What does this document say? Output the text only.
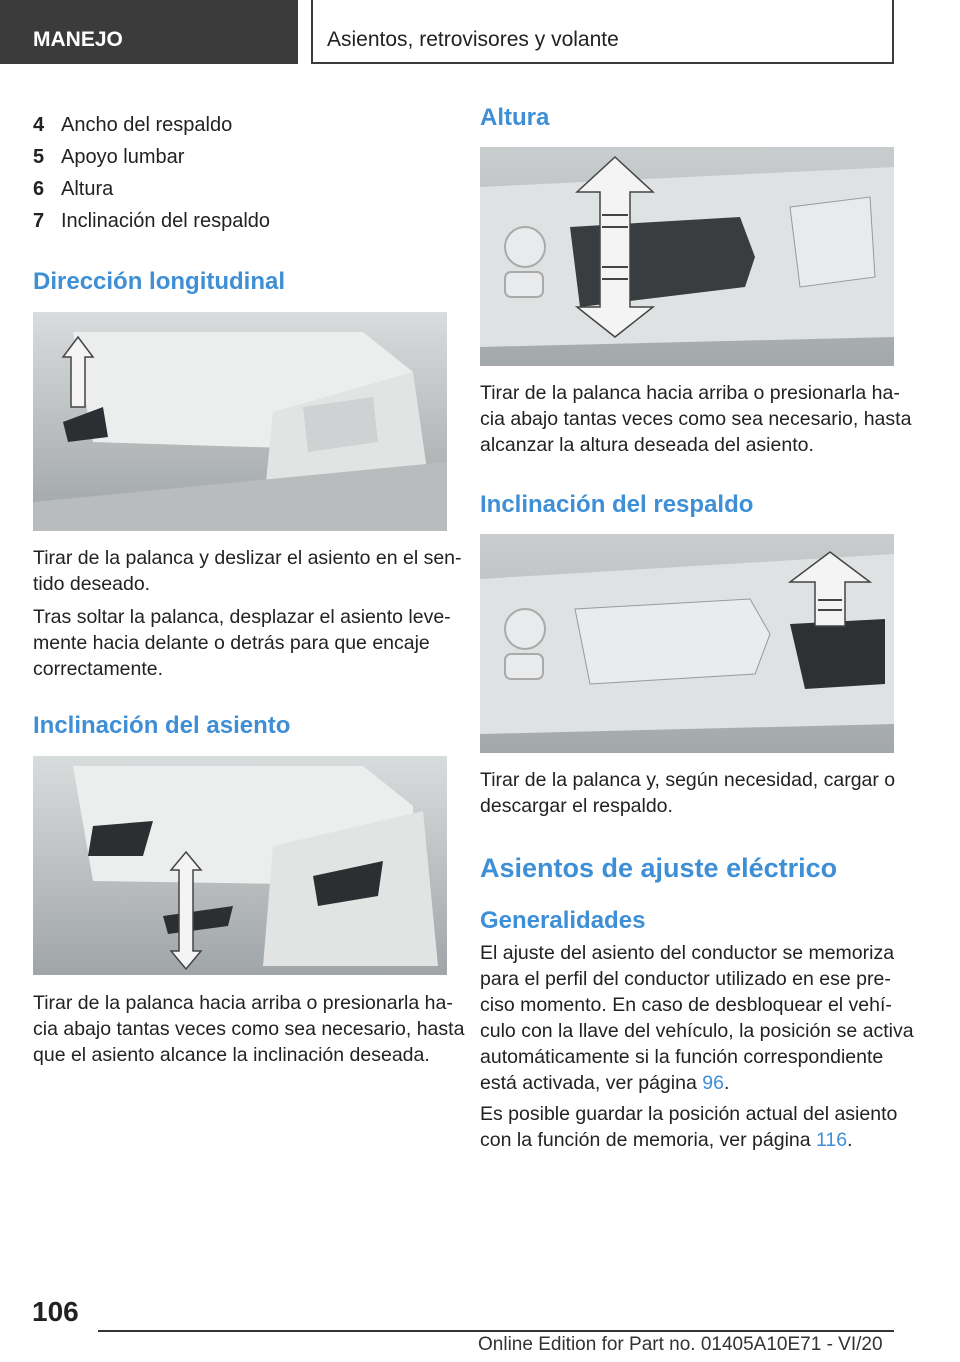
MANEJO	Asientos, retrovisores y volante
4 Ancho del respaldo
5 Apoyo lumbar
6 Altura
7 Inclinación del respaldo
Dirección longitudinal

Tirar de la palanca y deslizar el asiento en el sen‐

tido deseado.

Tras soltar la palanca, desplazar el asiento leve‐

mente hacia delante o detrás para que encaje

correctamente.

Inclinación del asiento

Tirar de la palanca hacia arriba o presionarla ha‐

cia abajo tantas veces como sea necesario, hasta

que el asiento alcance la inclinación deseada.

Altura

Tirar de la palanca hacia arriba o presionarla ha‐

cia abajo tantas veces como sea necesario, hasta

alcanzar la altura deseada del asiento.

Inclinación del respaldo

Tirar de la palanca y, según necesidad, cargar o

descargar el respaldo.

Asientos de ajuste eléctrico
Generalidades

El ajuste del asiento del conductor se memoriza

para el perfil del conductor utilizado en ese pre‐

ciso momento. En caso de desbloquear el vehí‐

culo con la llave del vehículo, la posición se activa

automáticamente si la función correspondiente

está activada, ver página 96.

Es posible guardar la posición actual del asiento

con la función de memoria, ver página 116.

106
Online Edition for Part no. 01405A10E71 - VI/20
